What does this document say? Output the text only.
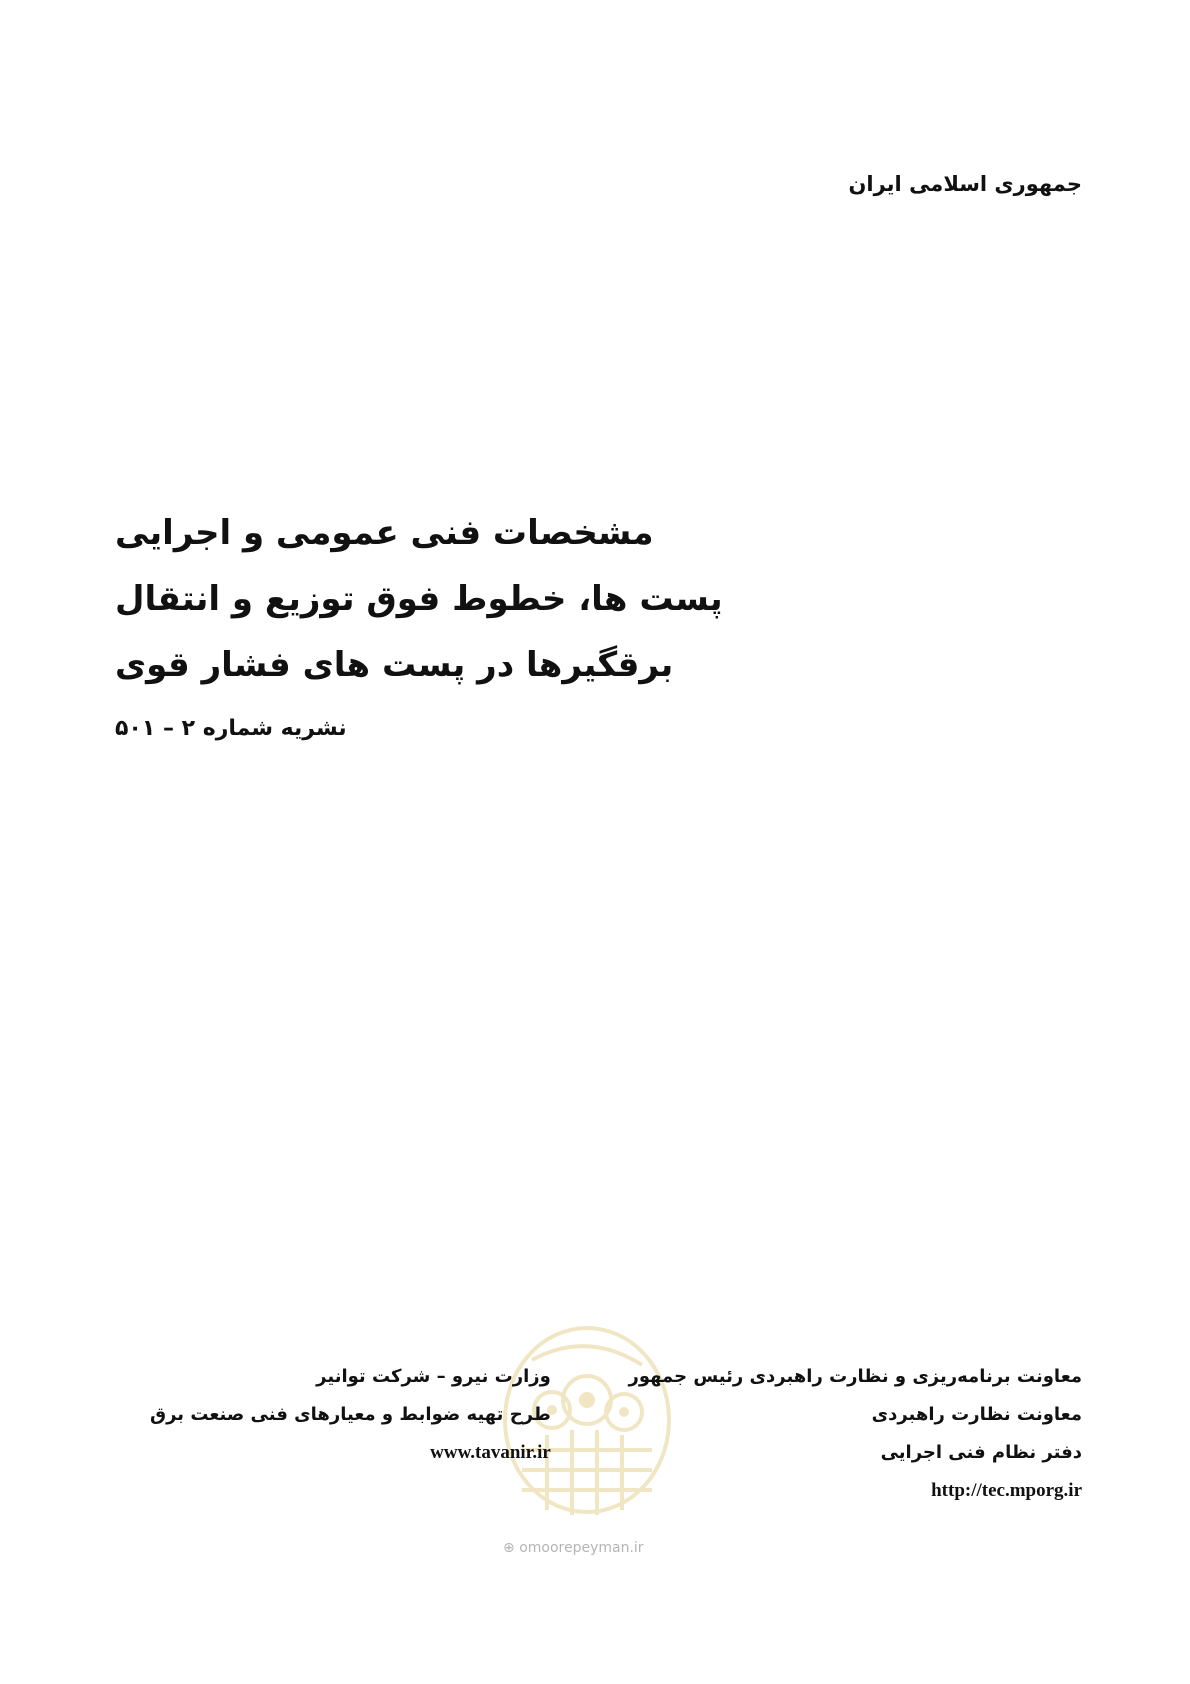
جمهوری اسلامی ایران
مشخصات فنی عمومی و اجرایی
پست ها، خطوط فوق توزیع و انتقال
برقگیرها در پست های فشار قوی
نشریه شماره ۲ – ۵۰۱
معاونت برنامه‌ریزی و نظارت راهبردی رئیس جمهور
معاونت نظارت راهبردی
دفتر نظام فنی اجرایی
http://tec.mporg.ir
وزارت نیرو – شرکت توانیر
طرح تهیه ضوابط و معیارهای فنی صنعت برق
www.tavanir.ir
⊕ omoorepeyman.ir
